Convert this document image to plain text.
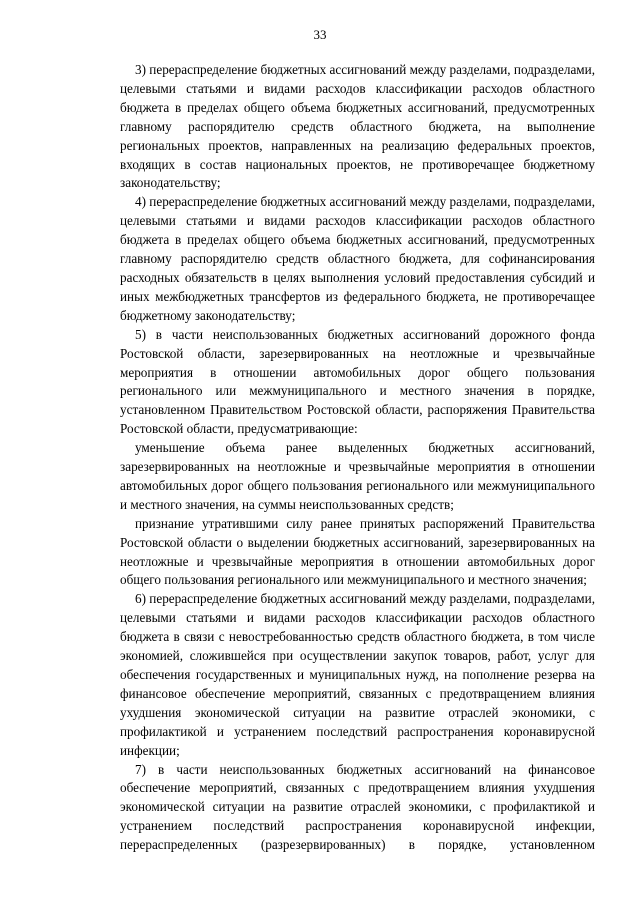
33

3) перераспределение бюджетных ассигнований между разделами, подразделами, целевыми статьями и видами расходов классификации расходов областного бюджета в пределах общего объема бюджетных ассигнований, предусмотренных главному распорядителю средств областного бюджета, на выполнение региональных проектов, направленных на реализацию федеральных проектов, входящих в состав национальных проектов, не противоречащее бюджетному законодательству;

4) перераспределение бюджетных ассигнований между разделами, подразделами, целевыми статьями и видами расходов классификации расходов областного бюджета в пределах общего объема бюджетных ассигнований, предусмотренных главному распорядителю средств областного бюджета, для софинансирования расходных обязательств в целях выполнения условий предоставления субсидий и иных межбюджетных трансфертов из федерального бюджета, не противоречащее бюджетному законодательству;

5) в части неиспользованных бюджетных ассигнований дорожного фонда Ростовской области, зарезервированных на неотложные и чрезвычайные мероприятия в отношении автомобильных дорог общего пользования регионального или межмуниципального и местного значения в порядке, установленном Правительством Ростовской области, распоряжения Правительства Ростовской области, предусматривающие:

уменьшение объема ранее выделенных бюджетных ассигнований, зарезервированных на неотложные и чрезвычайные мероприятия в отношении автомобильных дорог общего пользования регионального или межмуниципального и местного значения, на суммы неиспользованных средств;

признание утратившими силу ранее принятых распоряжений Правительства Ростовской области о выделении бюджетных ассигнований, зарезервированных на неотложные и чрезвычайные мероприятия в отношении автомобильных дорог общего пользования регионального или межмуниципального и местного значения;

6) перераспределение бюджетных ассигнований между разделами, подразделами, целевыми статьями и видами расходов классификации расходов областного бюджета в связи с невостребованностью средств областного бюджета, в том числе экономией, сложившейся при осуществлении закупок товаров, работ, услуг для обеспечения государственных и муниципальных нужд, на пополнение резерва на финансовое обеспечение мероприятий, связанных с предотвращением влияния ухудшения экономической ситуации на развитие отраслей экономики, с профилактикой и устранением последствий распространения коронавирусной инфекции;

7) в части неиспользованных бюджетных ассигнований на финансовое обеспечение мероприятий, связанных с предотвращением влияния ухудшения экономической ситуации на развитие отраслей экономики, с профилактикой и устранением последствий распространения коронавирусной инфекции, перераспределенных (разрезервированных) в порядке, установленном
